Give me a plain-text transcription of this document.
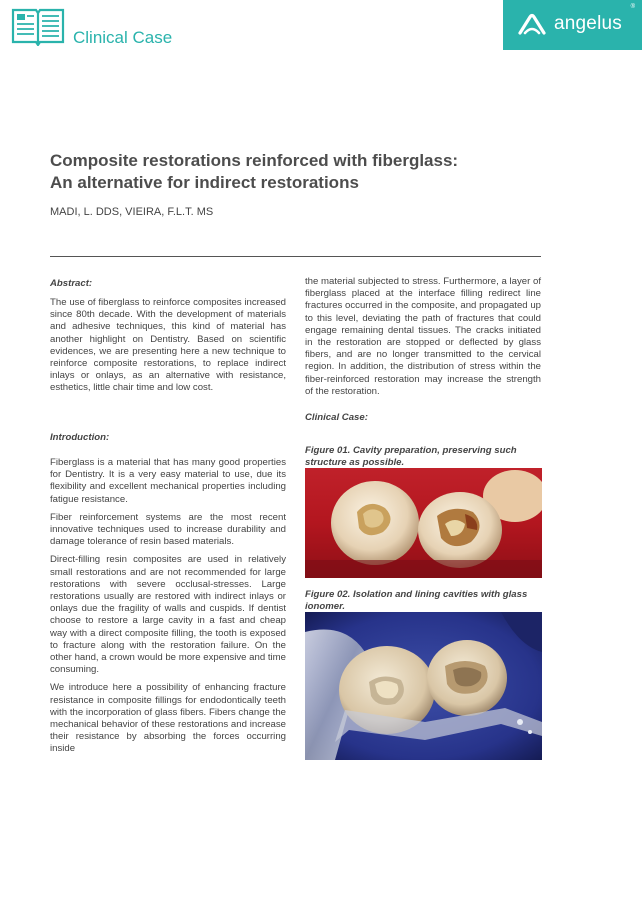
Clinical Case
angelus
®
Composite restorations reinforced with fiberglass:
An alternative for indirect restorations
MADI, L. DDS, VIEIRA, F.L.T. MS
Abstract:
The use of fiberglass to reinforce composites increased since 80th decade. With the development of materials and adhesive techniques, this kind of material has another highlight on Dentistry. Based on scientific evidences, we are presenting here a new technique to reinforce composite restorations, to replace indirect inlays or onlays, as an alternative with resistance, esthetics, little chair time and low cost.
Introduction:
Fiberglass is a material that has many good properties for Dentistry. It is a very easy material to use, due its flexibility and excellent mechanical properties including fatigue resistance.
Fiber reinforcement systems are the most recent innovative techniques used to increase durability and damage tolerance of resin based materials.
Direct-filling resin composites are used in relatively small restorations and are not recommended for large restorations with severe occlusal-stresses. Large restorations usually are restored with indirect inlays or onlays due the fragility of walls and cuspids. If dentist choose to restore a large cavity in a fast and cheap way with a direct composite filling, the tooth is exposed to fracture along with the restoration failure. On the other hand, a crown would be more expensive and time consuming.
We introduce here a possibility of enhancing fracture resistance in composite fillings for endodontically teeth with the incorporation of glass fibers. Fibers change the mechanical behavior of these restorations and increase their resistance by absorbing the forces occurring inside
the material subjected to stress. Furthermore, a layer of fiberglass placed at the interface filling redirect line fractures occurred in the composite, and propagated up to this level, deviating the path of fractures that could engage remaining dental tissues. The cracks initiated in the restoration are stopped or deflected by glass fibers, and are no longer transmitted to the cervical region. In addition, the distribution of stress within the fiber-reinforced restoration may increase the strength of the restoration.
Clinical Case:
Figure 01. Cavity preparation, preserving such structure as possible.
Figure 02. Isolation and lining cavities with glass ionomer.
